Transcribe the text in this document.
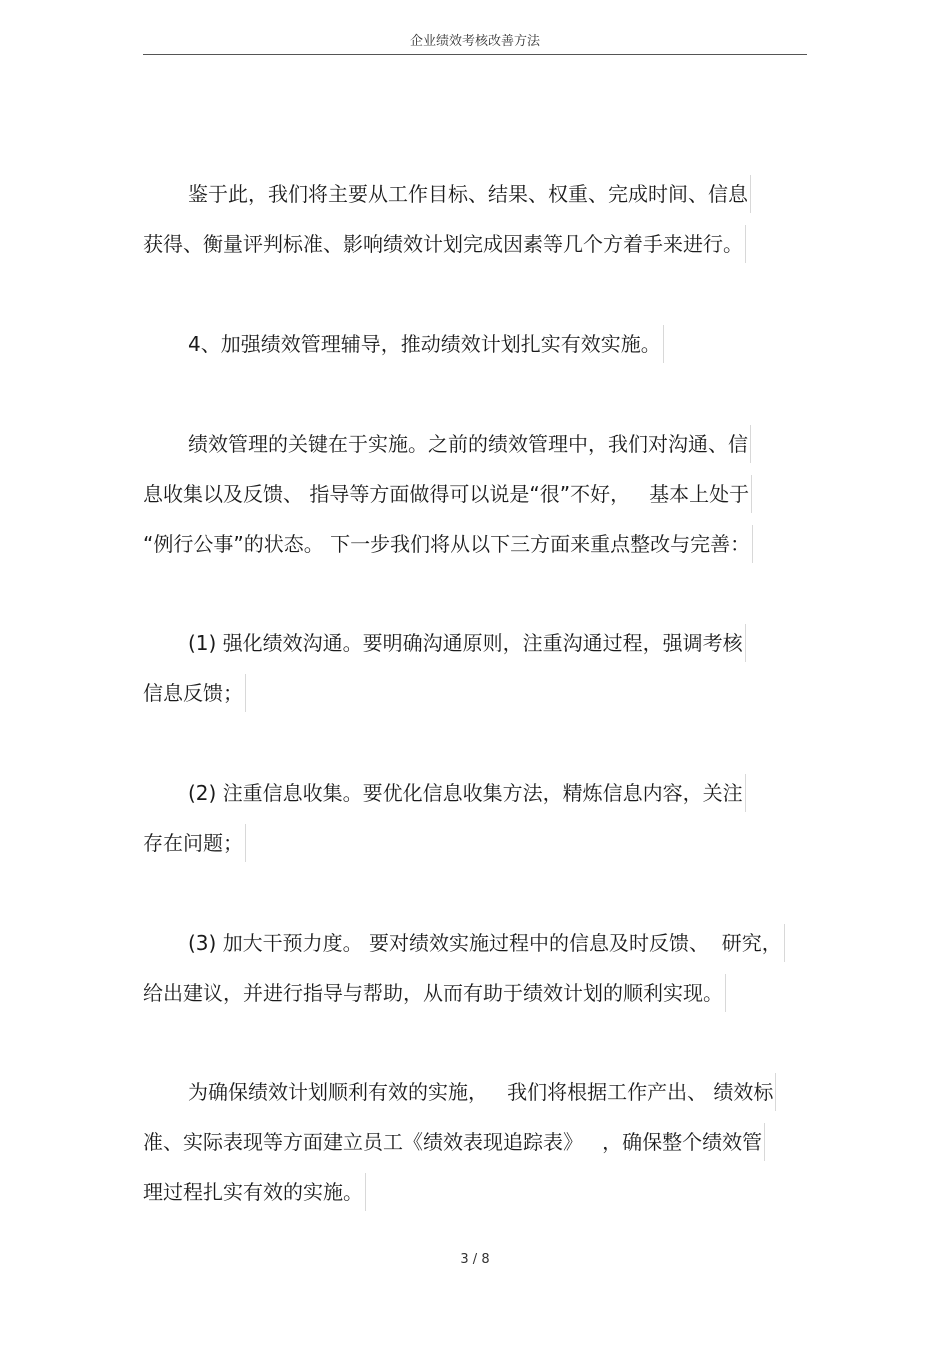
企业绩效考核改善方法
鉴于此，我们将主要从工作目标、结果、权重、完成时间、信息
获得、衡量评判标准、影响绩效计划完成因素等几个方着手来进行。
4、加强绩效管理辅导，推动绩效计划扎实有效实施。
绩效管理的关键在于实施。之前的绩效管理中，我们对沟通、信
息收集以及反馈、 指导等方面做得可以说是“很”不好，   基本上处于
“例行公事”的状态。 下一步我们将从以下三方面来重点整改与完善：
(1) 强化绩效沟通。要明确沟通原则，注重沟通过程，强调考核
信息反馈；
(2) 注重信息收集。要优化信息收集方法，精炼信息内容，关注
存在问题；
(3) 加大干预力度。 要对绩效实施过程中的信息及时反馈、  研究，
给出建议，并进行指导与帮助，从而有助于绩效计划的顺利实现。
为确保绩效计划顺利有效的实施，   我们将根据工作产出、 绩效标
准、实际表现等方面建立员工《绩效表现追踪表》   ，确保整个绩效管
理过程扎实有效的实施。
3 / 8
